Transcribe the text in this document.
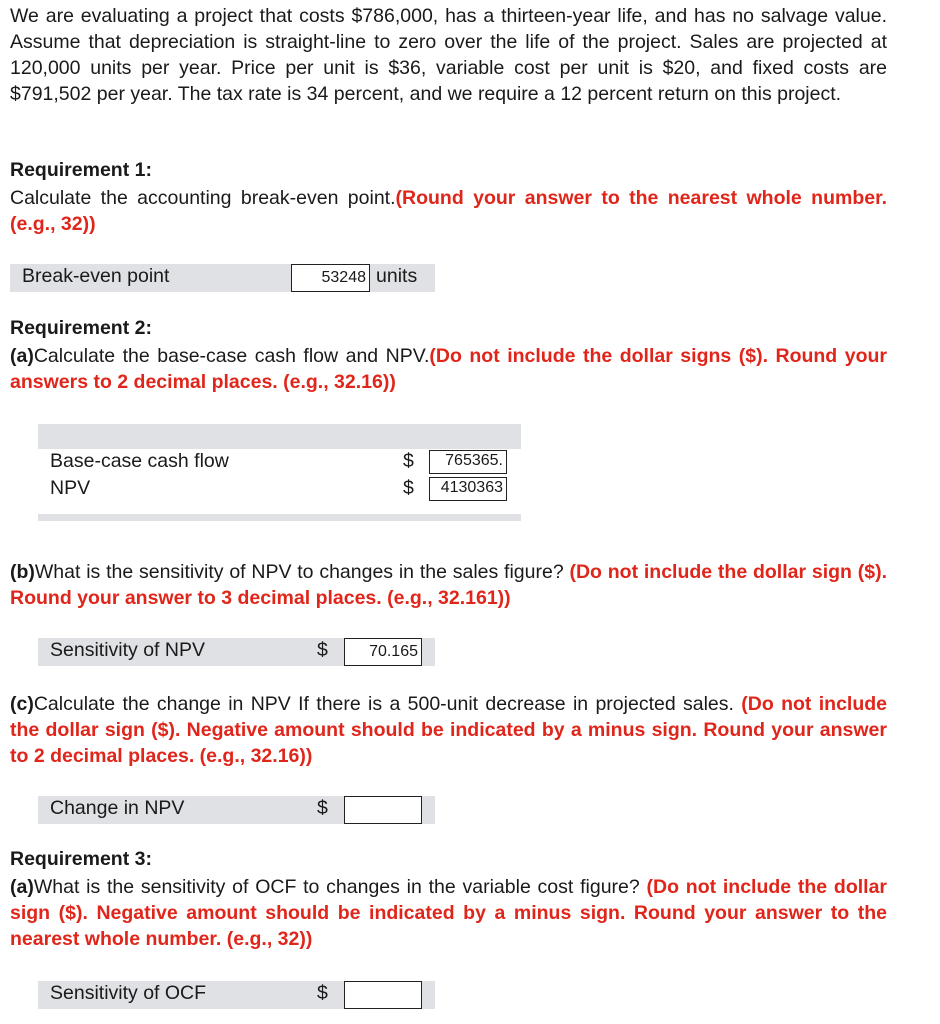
We are evaluating a project that costs $786,000, has a thirteen-year life, and has no salvage value. Assume that depreciation is straight-line to zero over the life of the project. Sales are projected at 120,000 units per year. Price per unit is $36, variable cost per unit is $20, and fixed costs are $791,502 per year. The tax rate is 34 percent, and we require a 12 percent return on this project.
Requirement 1:
Calculate the accounting break-even point.(Round your answer to the nearest whole number. (e.g., 32))
Break-even point	53248 units
Requirement 2:
(a)Calculate the base-case cash flow and NPV.(Do not include the dollar signs ($). Round your answers to 2 decimal places. (e.g., 32.16))
Base-case cash flow	$	765365.
NPV	$	4130363
(b)What is the sensitivity of NPV to changes in the sales figure? (Do not include the dollar sign ($). Round your answer to 3 decimal places. (e.g., 32.161))
Sensitivity of NPV	$	70.165
(c)Calculate the change in NPV If there is a 500-unit decrease in projected sales. (Do not include the dollar sign ($). Negative amount should be indicated by a minus sign. Round your answer to 2 decimal places. (e.g., 32.16))
Change in NPV	$
Requirement 3:
(a)What is the sensitivity of OCF to changes in the variable cost figure? (Do not include the dollar sign ($). Negative amount should be indicated by a minus sign. Round your answer to the nearest whole number. (e.g., 32))
Sensitivity of OCF	$
